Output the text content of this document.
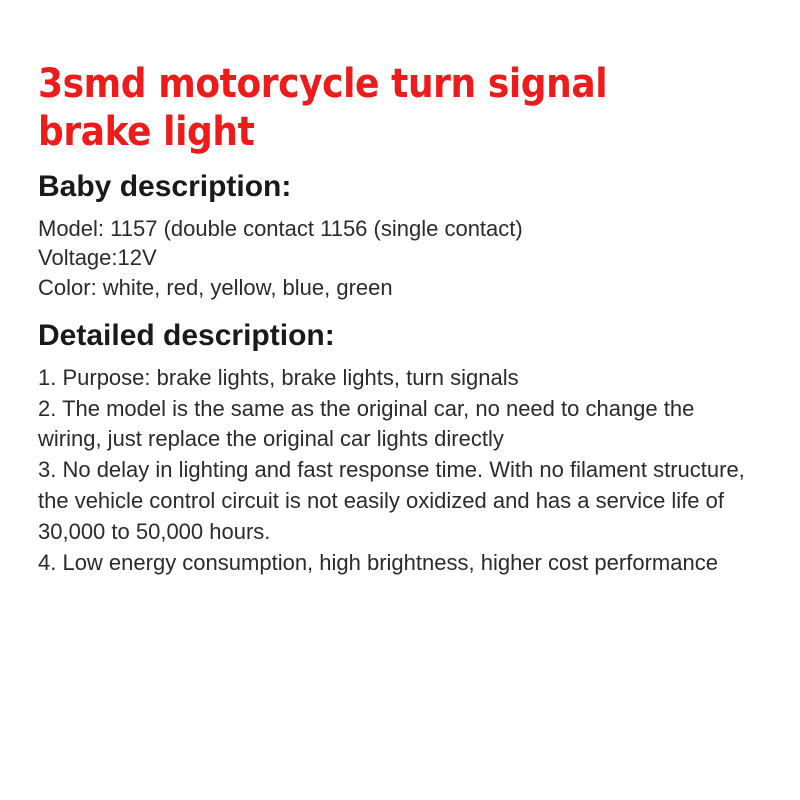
3smd motorcycle turn signal brake light
Baby description:

Model: 1157 (double contact 1156 (single contact)

Voltage:12V

Color: white, red, yellow, blue, green

Detailed description:

1. Purpose: brake lights, brake lights, turn signals

2. The model is the same as the original car, no need to change the wiring, just replace the original car lights directly

3. No delay in lighting and fast response time. With no filament structure, the vehicle control circuit is not easily oxidized and has a service life of 30,000 to 50,000 hours.

4. Low energy consumption, high brightness, higher cost performance
